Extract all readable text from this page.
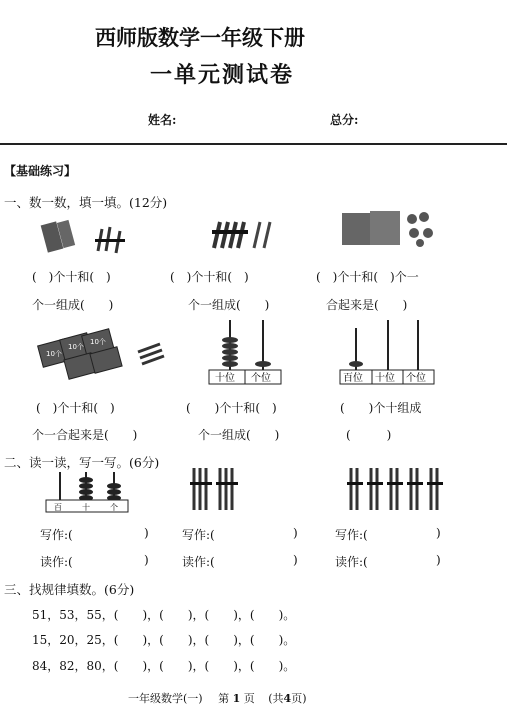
西师版数学一年级下册
一单元测试卷
姓名:	总分:
【基础练习】
一、数一数，填一填。(12分)
(　)个十和(　)
个一组成(　　)
(　)个十和(　)
个一组成(　　)
(　)个十和(　)个一
合起来是(　　)
10个
10个
10个
十位 个位	百位 十位 个位
(　)个十和(　)
个一合起来是(　　)
(　　)个十和(　)
个一组成(　　)
(　　)个十组成
(　　　)
二、读一读，写一写。(6分)
百	十	个
写作:(	)
读作:(	)
写作:(	)
读作:(	)
写作:(	)
读作:(	)
三、找规律填数。(6分)
51，53，55，(　　)，(　　)，(　　)，(　　)。
15，20，25，(　　)，(　　)，(　　)，(　　)。
84，82，80，(　　)，(　　)，(　　)，(　　)。
一年级数学(一) 第 1 页 (共4页)
